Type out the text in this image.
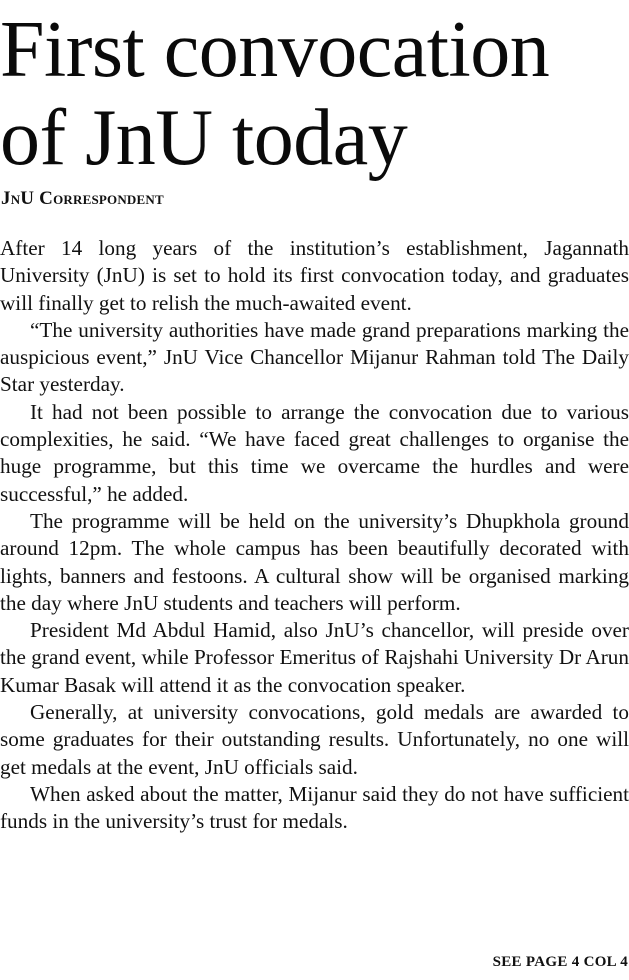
First convocation
of JnU today

JnU Correspondent

After 14 long years of the institution’s establishment, Jagannath University (JnU) is set to hold its first convocation today, and graduates will finally get to relish the much-awaited event.

“The university authorities have made grand preparations marking the auspicious event,” JnU Vice Chancellor Mijanur Rahman told The Daily Star yesterday.

It had not been possible to arrange the convocation due to various complexities, he said. “We have faced great challenges to organise the huge programme, but this time we overcame the hurdles and were successful,” he added.

The programme will be held on the university’s Dhupkhola ground around 12pm. The whole campus has been beautifully decorated with lights, banners and festoons. A cultural show will be organised marking the day where JnU students and teachers will perform.

President Md Abdul Hamid, also JnU’s chancellor, will preside over the grand event, while Professor Emeritus of Rajshahi University Dr Arun Kumar Basak will attend it as the convocation speaker.

Generally, at university convocations, gold medals are awarded to some graduates for their outstanding results. Unfortunately, no one will get medals at the event, JnU officials said.

When asked about the matter, Mijanur said they do not have sufficient funds in the university’s trust for medals.

SEE PAGE 4 COL 4
